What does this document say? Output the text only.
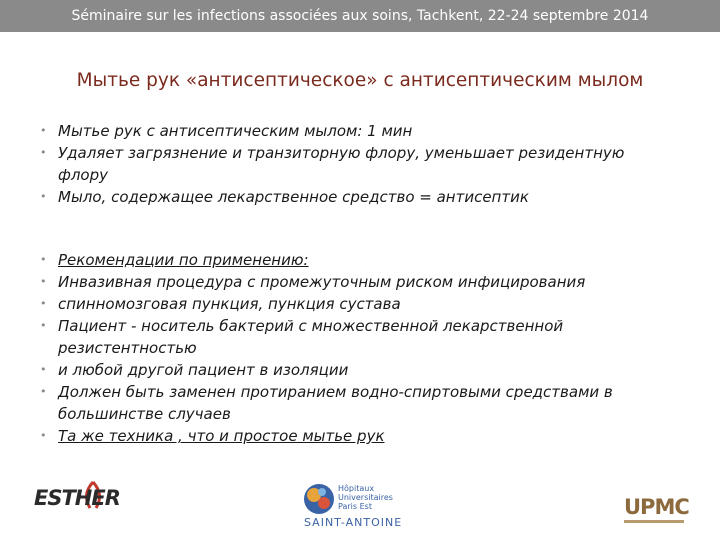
Séminaire sur les infections associées aux soins, Tachkent, 22-24 septembre 2014
Мытье рук «антисептическое» с антисептическим мылом
• Мытье рук с антисептическим мылом: 1 мин
• Удаляет загрязнение и транзиторную флору, уменьшает резидентную флору
• Мыло, содержащее лекарственное средство = антисептик
• Рекомендации по применению:
• Инвазивная процедура с промежуточным риском инфицирования
• спинномозговая пункция, пункция сустава
• Пациент - носитель бактерий с множественной лекарственной резистентностью
• и любой другой пациент в изоляции
• Должен быть заменен протиранием водно-спиртовыми средствами в большинстве случаев
• Та же техника , что и простое мытье рук
ESTHER	Hôpitaux
Universitaires
Paris Est
SAINT-ANTOINE
UPMC
